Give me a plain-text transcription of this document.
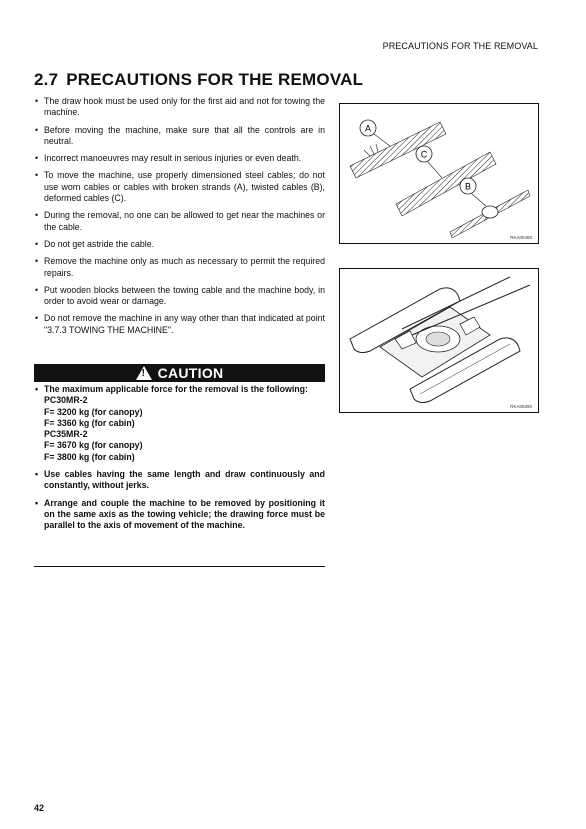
PRECAUTIONS FOR THE REMOVAL
2.7 PRECAUTIONS FOR THE REMOVAL
• The draw hook must be used only for the first aid and not for towing the machine.
• Before moving the machine, make sure that all the controls are in neutral.
• Incorrect manoeuvres may result in serious injuries or even death.
• To move the machine, use properly dimensioned steel cables; do not use worn cables or cables with broken strands (A), twisted cables (B), deformed cables (C).
• During the removal, no one can be allowed to get near the machines or the cable.
• Do not get astride the cable.
• Remove the machine only as much as necessary to permit the required repairs.
• Put wooden blocks between the towing cable and the machine body, in order to avoid wear or damage.
• Do not remove the machine in any way other than that indicated at point "3.7.3 TOWING THE MACHINE".
!
CAUTION
• The maximum applicable force for the removal is the following:
PC30MR-2
F= 3200 kg (for canopy)
F= 3360 kg (for cabin)
PC35MR-2
F= 3670 kg (for canopy)
F= 3800 kg (for cabin)
• Use cables having the same length and draw continuously and constantly, without jerks.
• Arrange and couple the machine to be removed by positioning it on the same axis as the towing vehicle; the drawing force must be parallel to the axis of movement of the machine.
A
C
B
RKA05380
RKA05390
42
